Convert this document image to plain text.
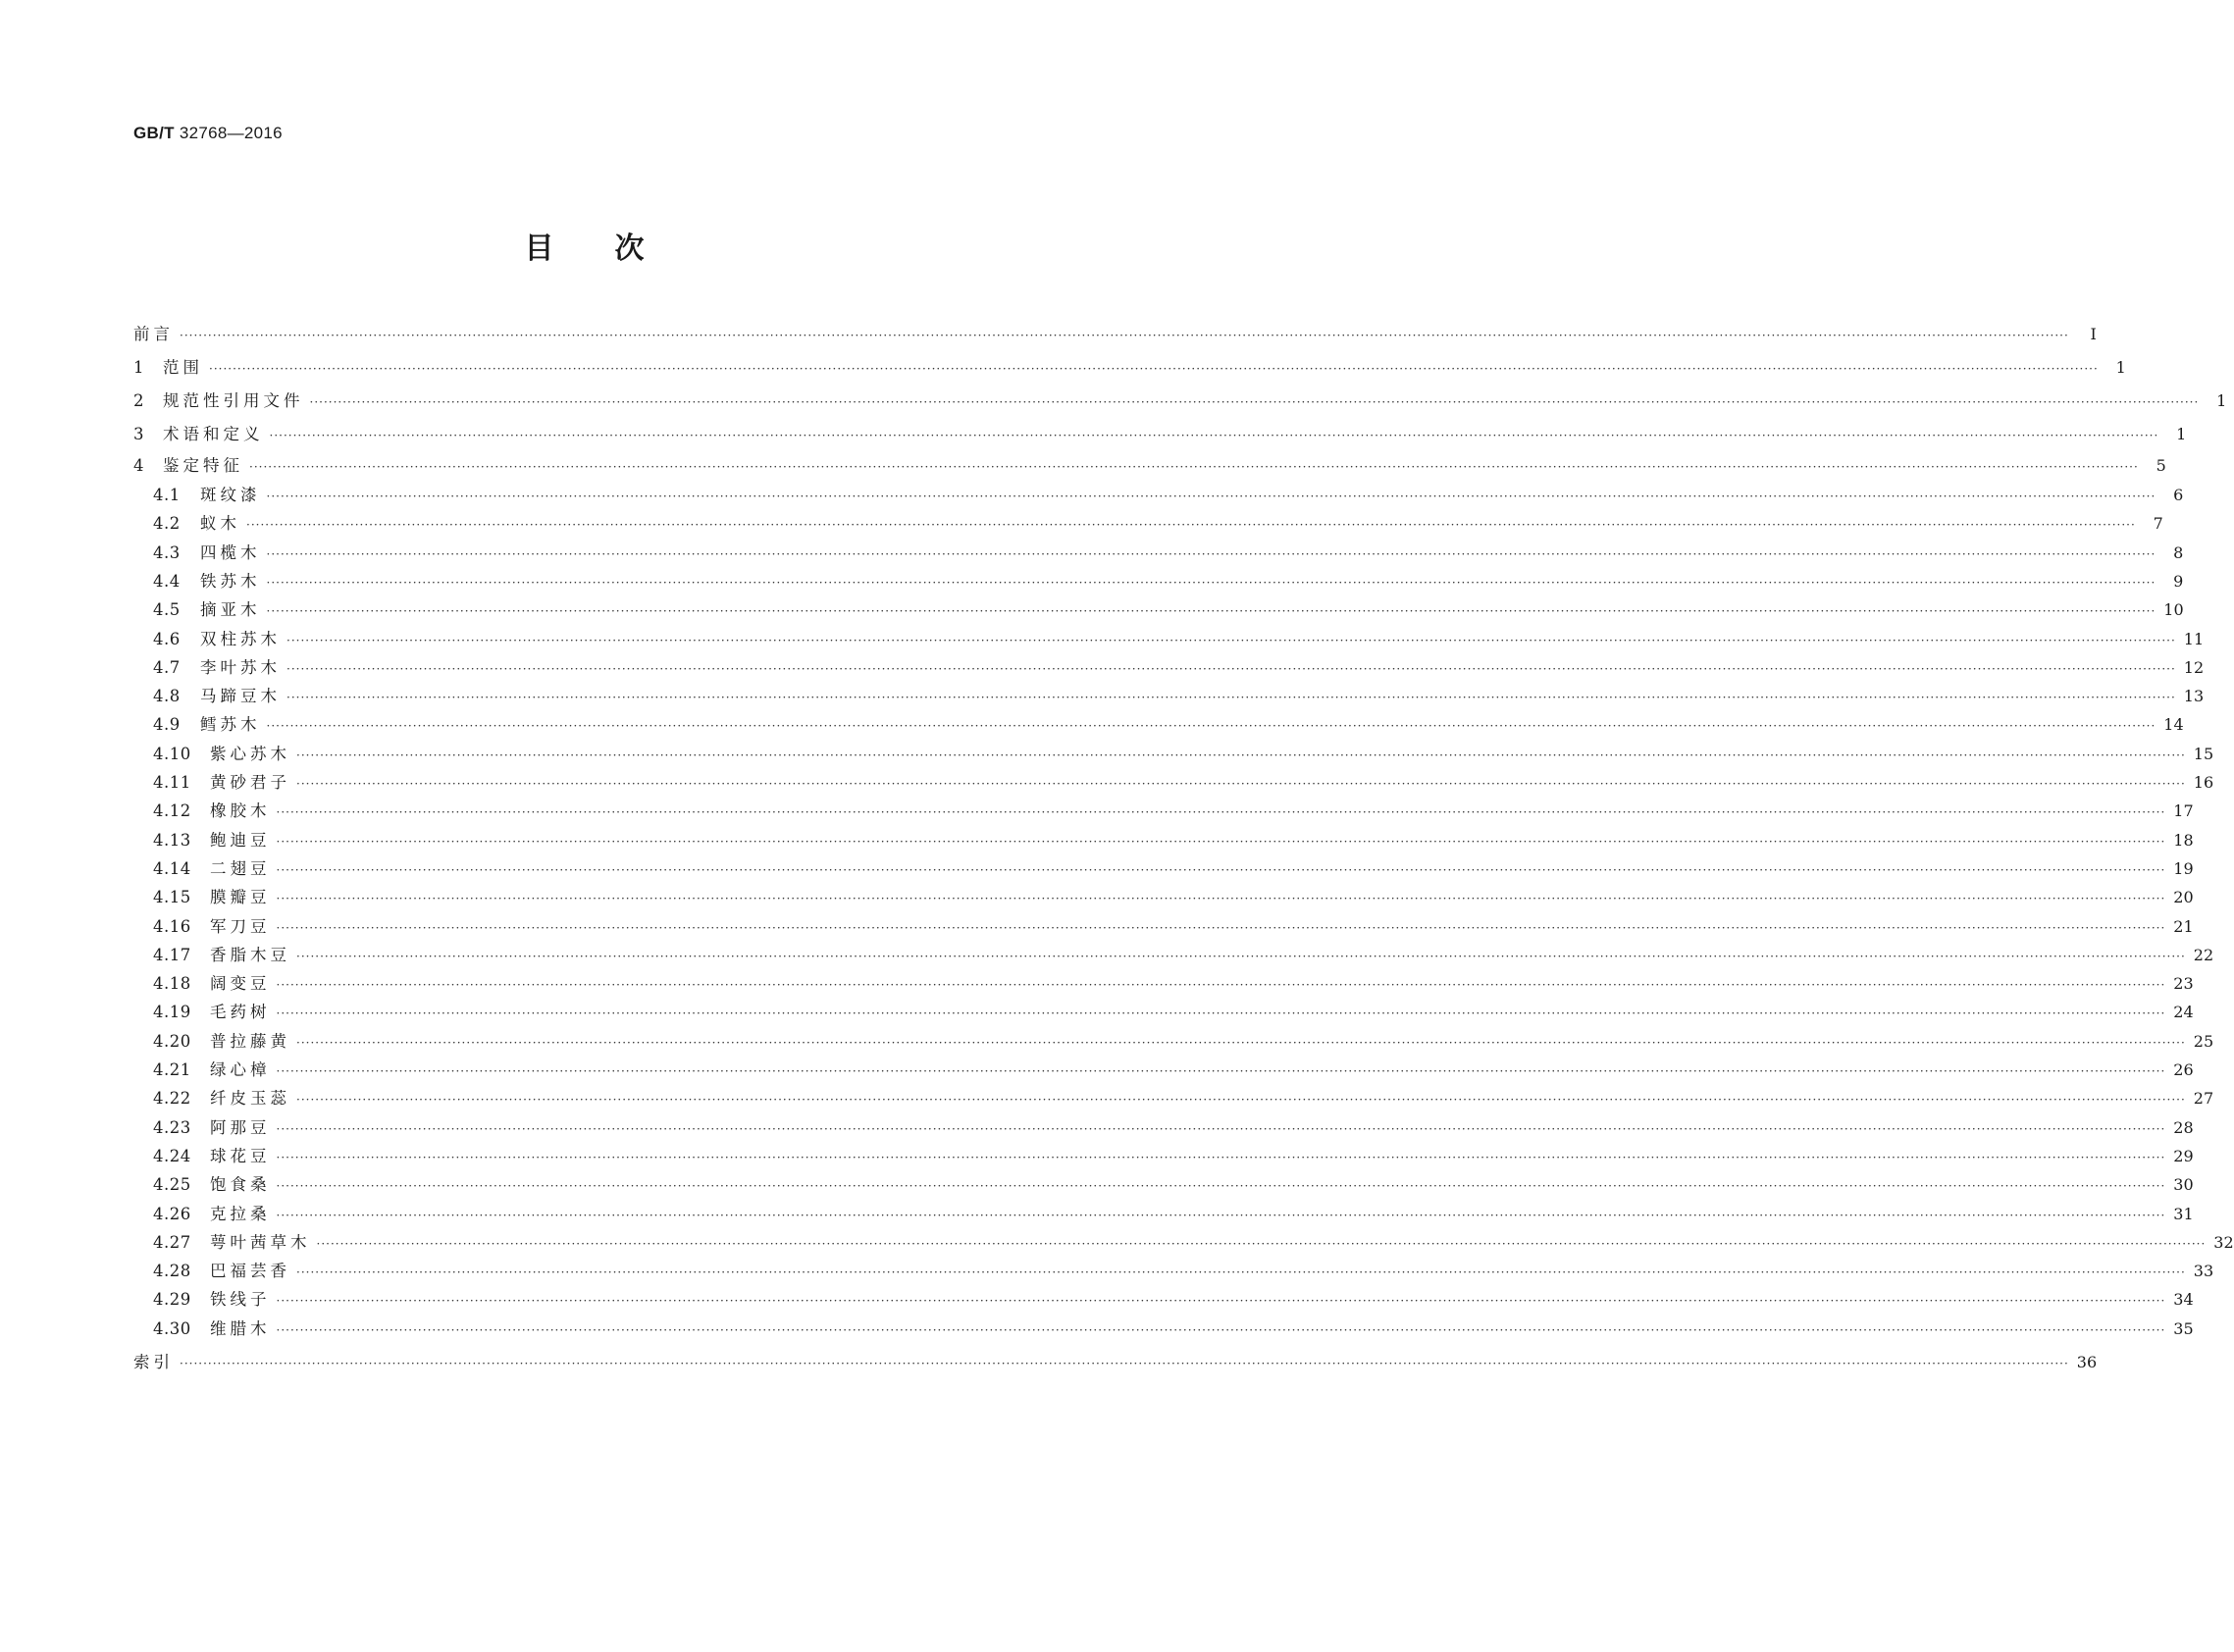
GB/T 32768—2016
目次
前言 ················································································································································································································································································································································································································	Ⅰ
1	范围 ················································································································································································································································································································································································································	1
2	规范性引用文件 ················································································································································································································································································································································································································	1
3	术语和定义 ················································································································································································································································································································································································································	1
4	鉴定特征 ················································································································································································································································································································································································································	5
4.1	斑纹漆 ················································································································································································································································································································································································································	6
4.2	蚁木 ················································································································································································································································································································································································································	7
4.3	四榄木 ················································································································································································································································································································································································································	8
4.4	铁苏木 ················································································································································································································································································································································································································	9
4.5	摘亚木 ················································································································································································································································································································································································································ 10
4.6	双柱苏木 ················································································································································································································································································································································································································ 11
4.7	李叶苏木 ················································································································································································································································································································································································································ 12
4.8	马蹄豆木 ················································································································································································································································································································································································································ 13
4.9	鳕苏木 ················································································································································································································································································································································································································ 14
4.10	紫心苏木 ················································································································································································································································································································································································································ 15
4.11	黄砂君子 ················································································································································································································································································································································································································ 16
4.12	橡胶木 ················································································································································································································································································································································································································ 17
4.13	鲍迪豆 ················································································································································································································································································································································································································ 18
4.14	二翅豆 ················································································································································································································································································································································································································ 19
4.15	膜瓣豆 ················································································································································································································································································································································································································ 20
4.16	军刀豆 ················································································································································································································································································································································································································ 21
4.17	香脂木豆 ················································································································································································································································································································································································································ 22
4.18	阔变豆 ················································································································································································································································································································································································································ 23
4.19	毛药树 ················································································································································································································································································································································································································ 24
4.20	普拉藤黄 ················································································································································································································································································································································································································ 25
4.21	绿心樟 ················································································································································································································································································································································································································ 26
4.22	纤皮玉蕊 ················································································································································································································································································································································································································ 27
4.23	阿那豆 ················································································································································································································································································································································································································ 28
4.24	球花豆 ················································································································································································································································································································································································································ 29
4.25	饱食桑 ················································································································································································································································································································································································································ 30
4.26	克拉桑 ················································································································································································································································································································································································································ 31
4.27	萼叶茜草木 ················································································································································································································································································································································································································ 32
4.28	巴福芸香 ················································································································································································································································································································································································································ 33
4.29	铁线子 ················································································································································································································································································································································································································ 34
4.30	维腊木 ················································································································································································································································································································································································································ 35
索引 ················································································································································································································································································································································································································ 36
